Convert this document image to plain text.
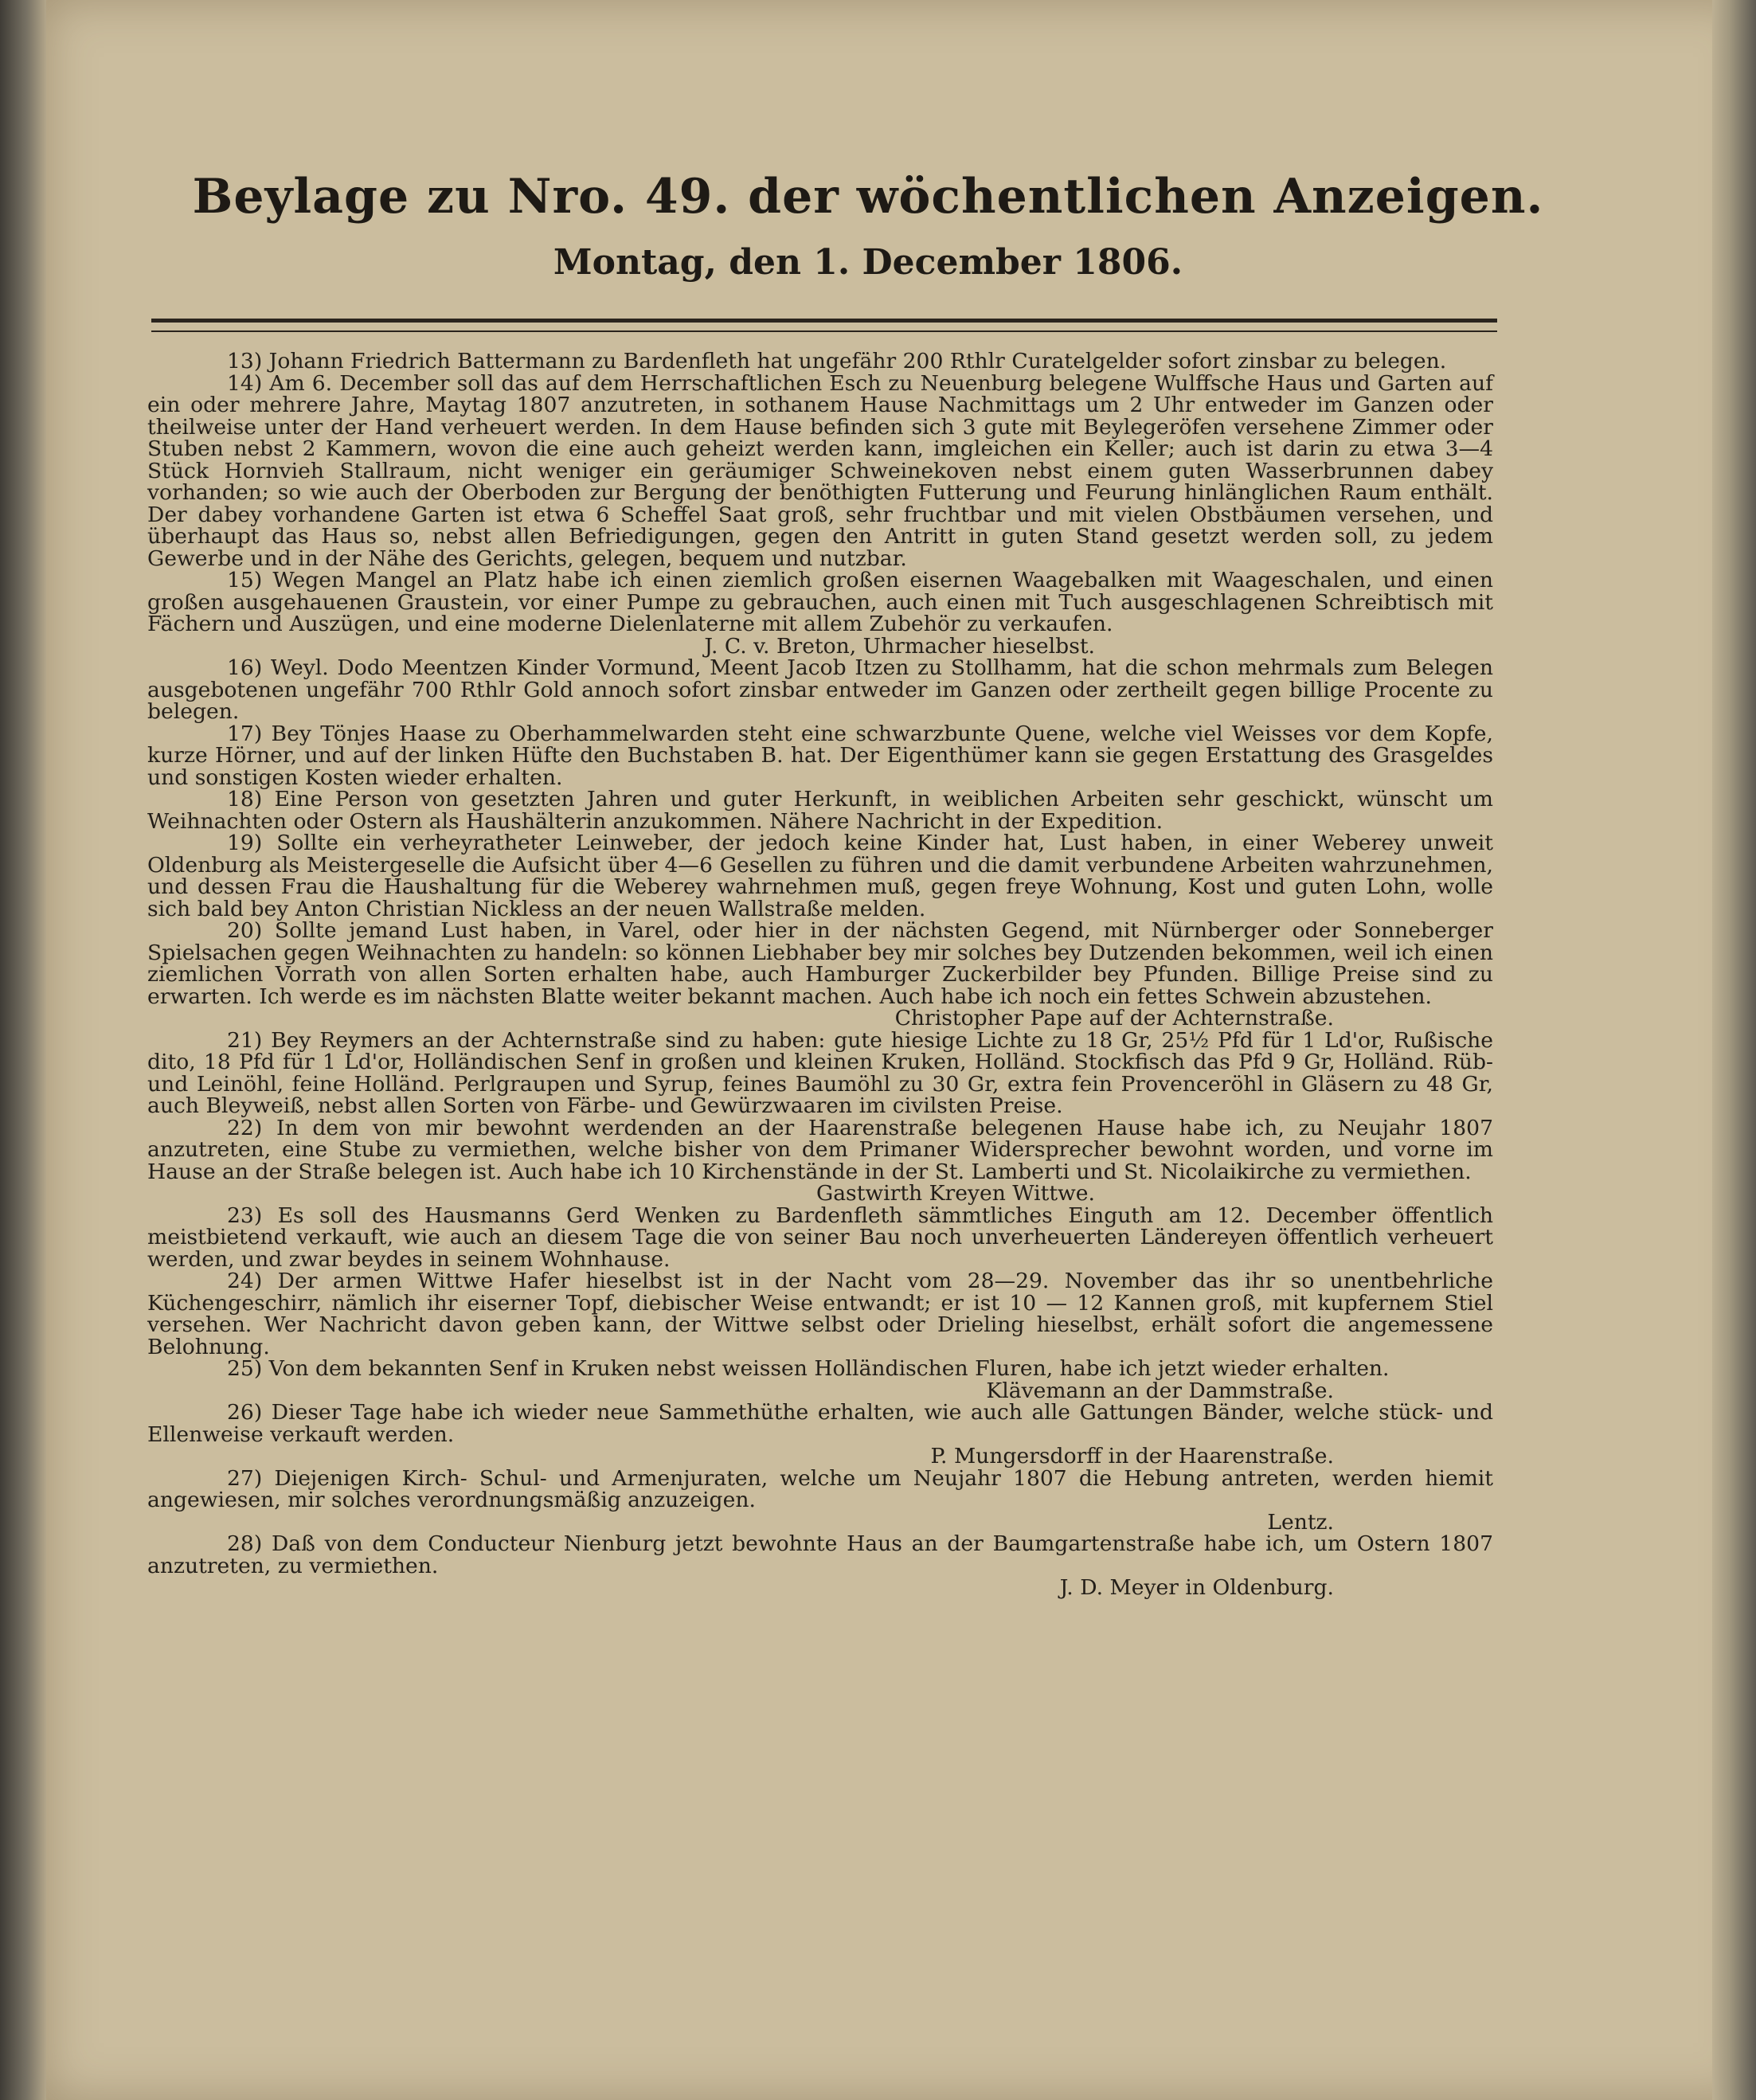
Beylage zu Nro. 49. der wöchentlichen Anzeigen.
Montag, den 1. December 1806.

13) Johann Friedrich Battermann zu Bardenfleth hat ungefähr 200 Rthlr Curatelgelder sofort zinsbar zu belegen.

14) Am 6. December soll das auf dem Herrschaftlichen Esch zu Neuenburg belegene Wulffsche Haus und Garten auf ein oder mehrere Jahre, Maytag 1807 anzutreten, in sothanem Hause Nachmittags um 2 Uhr entweder im Ganzen oder theilweise unter der Hand verheuert werden. In dem Hause befinden sich 3 gute mit Beylegeröfen versehene Zimmer oder Stuben nebst 2 Kammern, wovon die eine auch geheizt werden kann, imgleichen ein Keller; auch ist darin zu etwa 3—4 Stück Hornvieh Stallraum, nicht weniger ein geräumiger Schweinekoven nebst einem guten Wasserbrunnen dabey vorhanden; so wie auch der Oberboden zur Bergung der benöthigten Futterung und Feurung hinlänglichen Raum enthält. Der dabey vorhandene Garten ist etwa 6 Scheffel Saat groß, sehr fruchtbar und mit vielen Obstbäumen versehen, und überhaupt das Haus so, nebst allen Befriedigungen, gegen den Antritt in guten Stand gesetzt werden soll, zu jedem Gewerbe und in der Nähe des Gerichts, gelegen, bequem und nutzbar.

15) Wegen Mangel an Platz habe ich einen ziemlich großen eisernen Waagebalken mit Waageschalen, und einen großen ausgehauenen Graustein, vor einer Pumpe zu gebrauchen, auch einen mit Tuch ausgeschlagenen Schreibtisch mit Fächern und Auszügen, und eine moderne Dielenlaterne mit allem Zubehör zu verkaufen.
J. C. v. Breton, Uhrmacher hieselbst.

16) Weyl. Dodo Meentzen Kinder Vormund, Meent Jacob Itzen zu Stollhamm, hat die schon mehrmals zum Belegen ausgebotenen ungefähr 700 Rthlr Gold annoch sofort zinsbar entweder im Ganzen oder zertheilt gegen billige Procente zu belegen.

17) Bey Tönjes Haase zu Oberhammelwarden steht eine schwarzbunte Quene, welche viel Weisses vor dem Kopfe, kurze Hörner, und auf der linken Hüfte den Buchstaben B. hat. Der Eigenthümer kann sie gegen Erstattung des Grasgeldes und sonstigen Kosten wieder erhalten.

18) Eine Person von gesetzten Jahren und guter Herkunft, in weiblichen Arbeiten sehr geschickt, wünscht um Weihnachten oder Ostern als Haushälterin anzukommen. Nähere Nachricht in der Expedition.

19) Sollte ein verheyratheter Leinweber, der jedoch keine Kinder hat, Lust haben, in einer Weberey unweit Oldenburg als Meistergeselle die Aufsicht über 4—6 Gesellen zu führen und die damit verbundene Arbeiten wahrzunehmen, und dessen Frau die Haushaltung für die Weberey wahrnehmen muß, gegen freye Wohnung, Kost und guten Lohn, wolle sich bald bey Anton Christian Nickless an der neuen Wallstraße melden.

20) Sollte jemand Lust haben, in Varel, oder hier in der nächsten Gegend, mit Nürnberger oder Sonneberger Spielsachen gegen Weihnachten zu handeln: so können Liebhaber bey mir solches bey Dutzenden bekommen, weil ich einen ziemlichen Vorrath von allen Sorten erhalten habe, auch Hamburger Zuckerbilder bey Pfunden. Billige Preise sind zu erwarten. Ich werde es im nächsten Blatte weiter bekannt machen. Auch habe ich noch ein fettes Schwein abzustehen.
Christopher Pape auf der Achternstraße.

21) Bey Reymers an der Achternstraße sind zu haben: gute hiesige Lichte zu 18 Gr, 25½ Pfd für 1 Ld'or, Rußische dito, 18 Pfd für 1 Ld'or, Holländischen Senf in großen und kleinen Kruken, Holländ. Stockfisch das Pfd 9 Gr, Holländ. Rüb- und Leinöhl, feine Holländ. Perlgraupen und Syrup, feines Baumöhl zu 30 Gr, extra fein Provenceröhl in Gläsern zu 48 Gr, auch Bleyweiß, nebst allen Sorten von Färbe- und Gewürzwaaren im civilsten Preise.

22) In dem von mir bewohnt werdenden an der Haarenstraße belegenen Hause habe ich, zu Neujahr 1807 anzutreten, eine Stube zu vermiethen, welche bisher von dem Primaner Widersprecher bewohnt worden, und vorne im Hause an der Straße belegen ist. Auch habe ich 10 Kirchenstände in der St. Lamberti und St. Nicolaikirche zu vermiethen.
Gastwirth Kreyen Wittwe.

23) Es soll des Hausmanns Gerd Wenken zu Bardenfleth sämmtliches Einguth am 12. December öffentlich meistbietend verkauft, wie auch an diesem Tage die von seiner Bau noch unverheuerten Ländereyen öffentlich verheuert werden, und zwar beydes in seinem Wohnhause.

24) Der armen Wittwe Hafer hieselbst ist in der Nacht vom 28—29. November das ihr so unentbehrliche Küchengeschirr, nämlich ihr eiserner Topf, diebischer Weise entwandt; er ist 10 — 12 Kannen groß, mit kupfernem Stiel versehen. Wer Nachricht davon geben kann, der Wittwe selbst oder Drieling hieselbst, erhält sofort die angemessene Belohnung.

25) Von dem bekannten Senf in Kruken nebst weissen Holländischen Fluren, habe ich jetzt wieder erhalten.
Klävemann an der Dammstraße.

26) Dieser Tage habe ich wieder neue Sammethüthe erhalten, wie auch alle Gattungen Bänder, welche stück- und Ellenweise verkauft werden.
P. Mungersdorff in der Haarenstraße.

27) Diejenigen Kirch- Schul- und Armenjuraten, welche um Neujahr 1807 die Hebung antreten, werden hiemit angewiesen, mir solches verordnungsmäßig anzuzeigen.
Lentz.

28) Daß von dem Conducteur Nienburg jetzt bewohnte Haus an der Baumgartenstraße habe ich, um Ostern 1807 anzutreten, zu vermiethen.
J. D. Meyer in Oldenburg.
